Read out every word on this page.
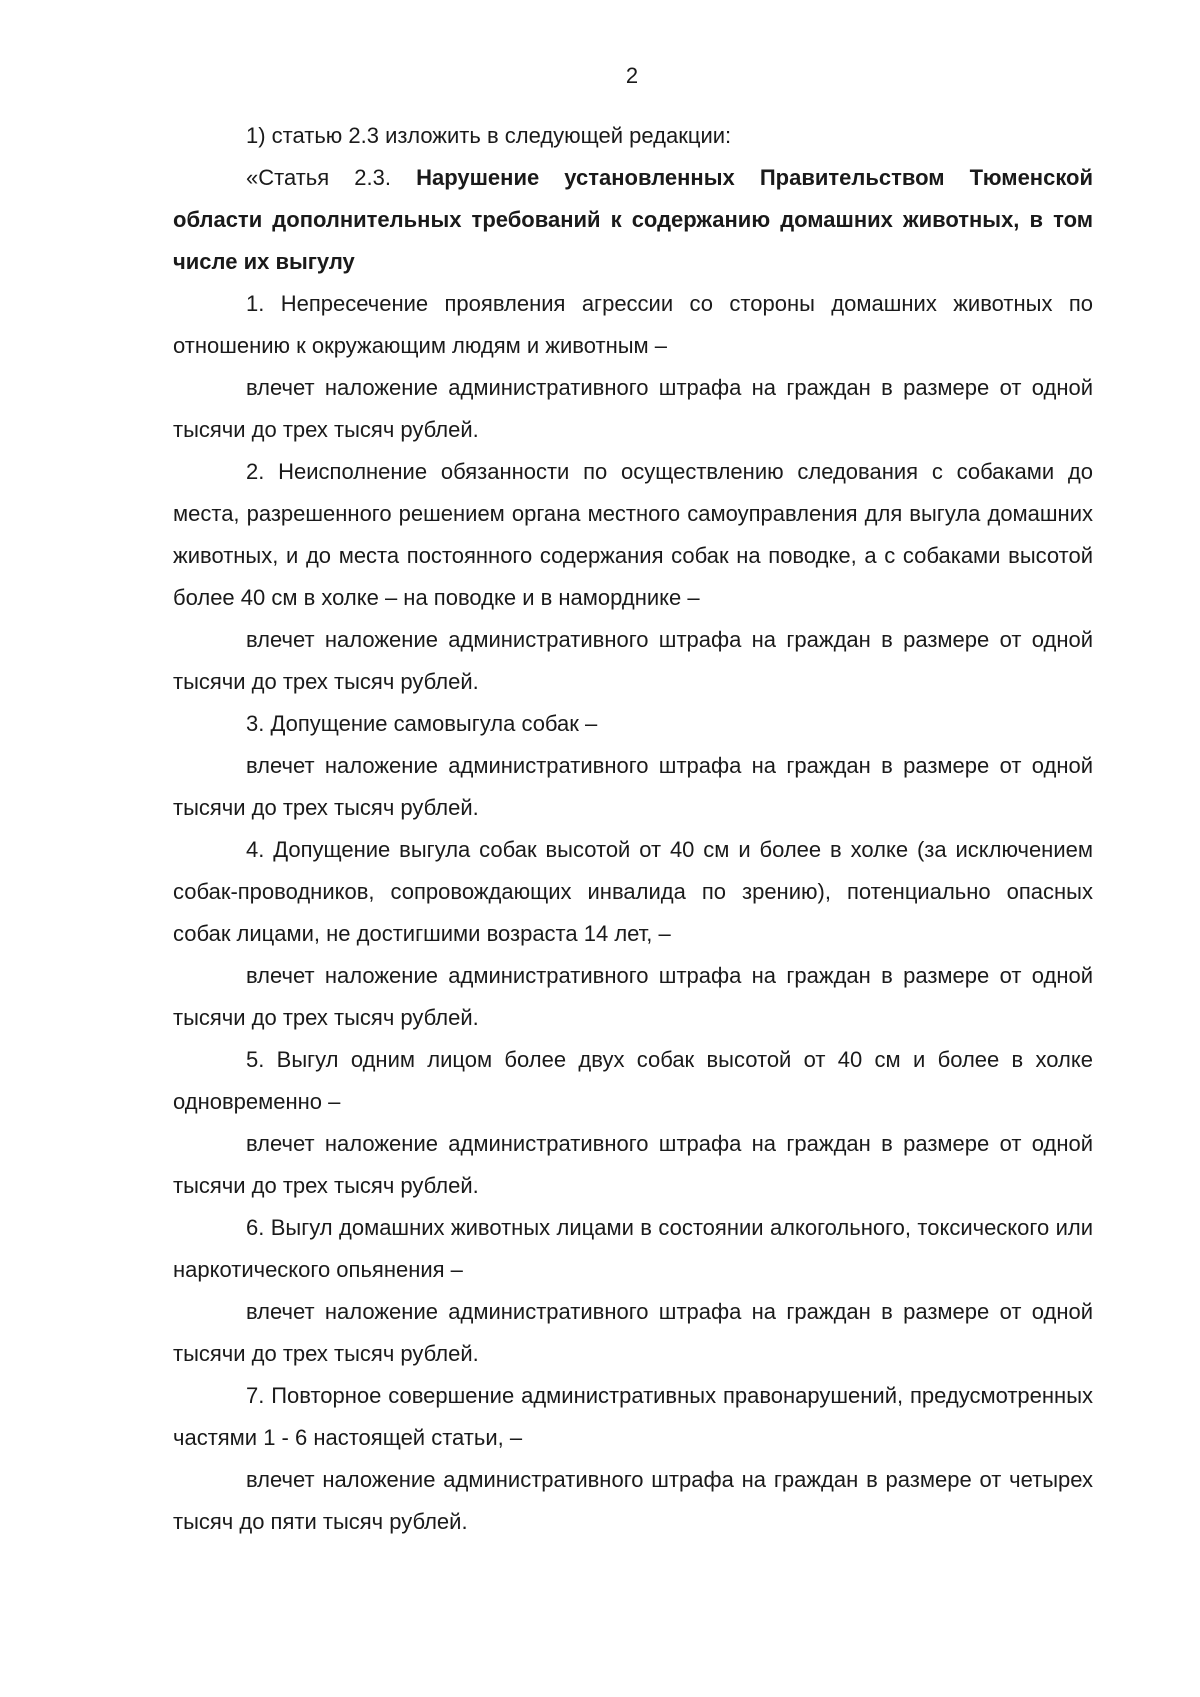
2

1) статью 2.3 изложить в следующей редакции:

«Статья 2.3. Нарушение установленных Правительством Тюменской области дополнительных требований к содержанию домашних животных, в том числе их выгулу

1. Непресечение проявления агрессии со стороны домашних животных по отношению к окружающим людям и животным –

влечет наложение административного штрафа на граждан в размере от одной тысячи до трех тысяч рублей.

2. Неисполнение обязанности по осуществлению следования с собаками до места, разрешенного решением органа местного самоуправления для выгула домашних животных, и до места постоянного содержания собак на поводке, а с собаками высотой более 40 см в холке – на поводке и в наморднике –

влечет наложение административного штрафа на граждан в размере от одной тысячи до трех тысяч рублей.

3. Допущение самовыгула собак –

влечет наложение административного штрафа на граждан в размере от одной тысячи до трех тысяч рублей.

4. Допущение выгула собак высотой от 40 см и более в холке (за исключением собак-проводников, сопровождающих инвалида по зрению), потенциально опасных собак лицами, не достигшими возраста 14 лет, –

влечет наложение административного штрафа на граждан в размере от одной тысячи до трех тысяч рублей.

5. Выгул одним лицом более двух собак высотой от 40 см и более в холке одновременно –

влечет наложение административного штрафа на граждан в размере от одной тысячи до трех тысяч рублей.

6. Выгул домашних животных лицами в состоянии алкогольного, токсического или наркотического опьянения –

влечет наложение административного штрафа на граждан в размере от одной тысячи до трех тысяч рублей.

7. Повторное совершение административных правонарушений, предусмотренных частями 1 - 6 настоящей статьи, –

влечет наложение административного штрафа на граждан в размере от четырех тысяч до пяти тысяч рублей.
